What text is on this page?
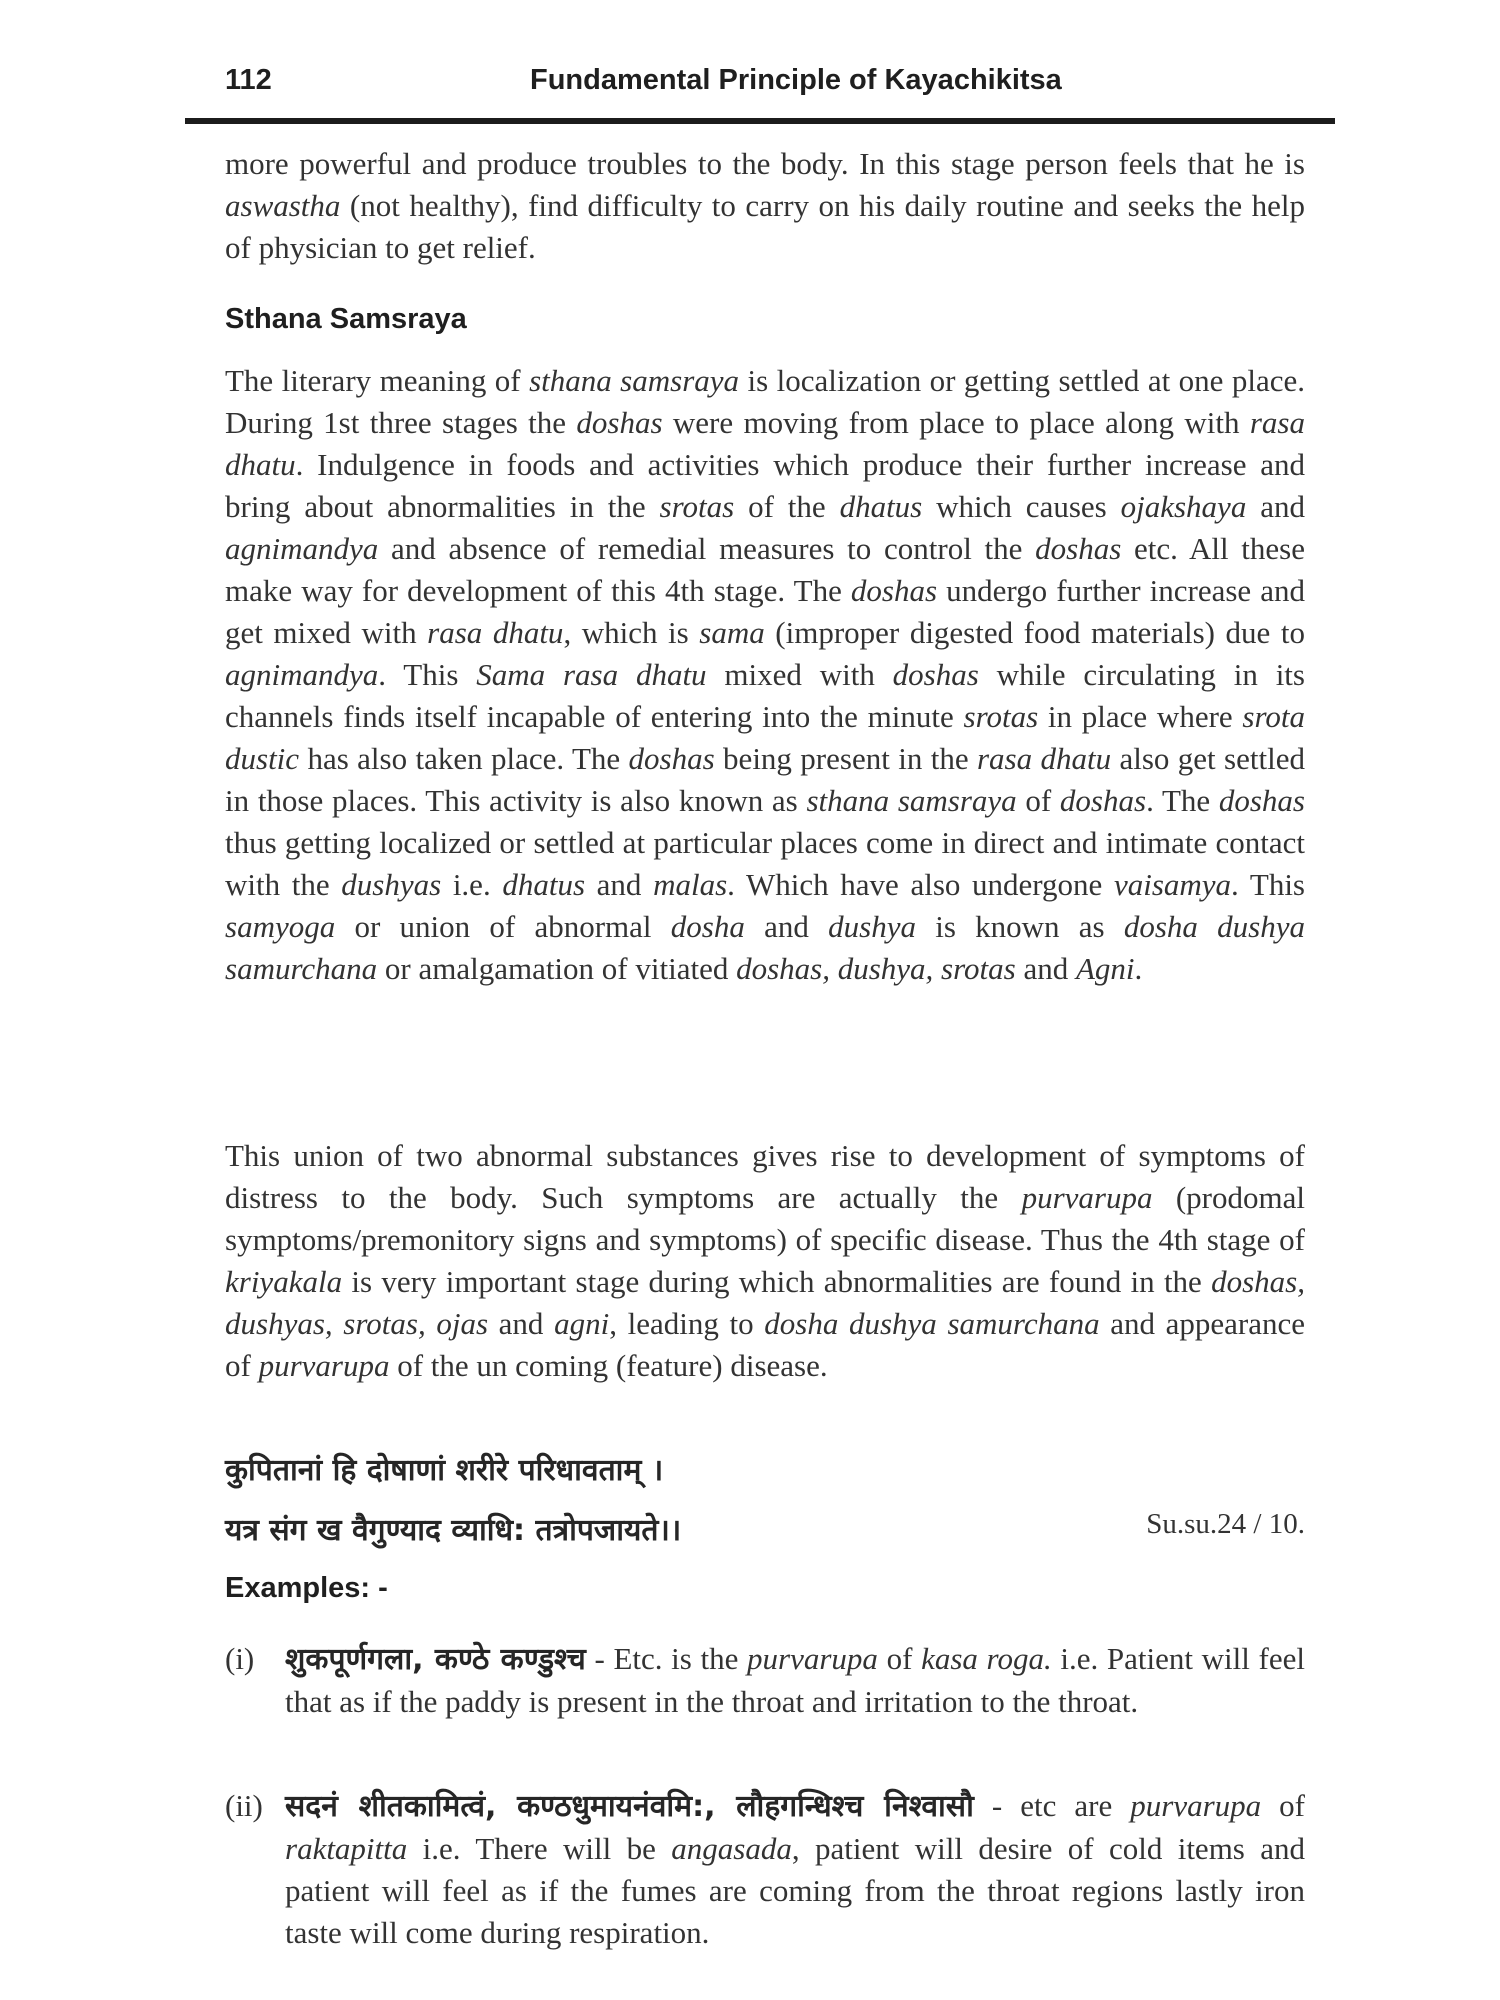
112	Fundamental Principle of Kayachikitsa

more powerful and produce troubles to the body. In this stage person feels that he is aswastha (not healthy), find difficulty to carry on his daily routine and seeks the help of physician to get relief.

Sthana Samsraya

The literary meaning of sthana samsraya is localization or getting settled at one place. During 1st three stages the doshas were moving from place to place along with rasa dhatu. Indulgence in foods and activities which produce their further increase and bring about abnormalities in the srotas of the dhatus which causes ojakshaya and agnimandya and absence of remedial measures to control the doshas etc. All these make way for development of this 4th stage. The doshas undergo further increase and get mixed with rasa dhatu, which is sama (improper digested food materials) due to agnimandya. This Sama rasa dhatu mixed with doshas while circulating in its channels finds itself incapable of entering into the minute srotas in place where srota dustic has also taken place. The doshas being present in the rasa dhatu also get settled in those places. This activity is also known as sthana samsraya of doshas. The doshas thus getting localized or settled at particular places come in direct and intimate contact with the dushyas i.e. dhatus and malas. Which have also undergone vaisamya. This samyoga or union of abnormal dosha and dushya is known as dosha dushya samurchana or amalgamation of vitiated doshas, dushya, srotas and Agni.

This union of two abnormal substances gives rise to development of symptoms of distress to the body. Such symptoms are actually the purvarupa (prodomal symptoms/premonitory signs and symptoms) of specific disease. Thus the 4th stage of kriyakala is very important stage during which abnormalities are found in the doshas, dushyas, srotas, ojas and agni, leading to dosha dushya samurchana and appearance of purvarupa of the un coming (feature) disease.

कुपितानां हि दोषाणां शरीरे परिधावताम् ।
यत्र संग ख वैगुण्याद व्याधि: तत्रोपजायते।।	Su.su.24 / 10.
Examples: -
(i) शुकपूर्णगला, कण्ठे कण्डुश्च - Etc. is the purvarupa of kasa roga. i.e. Patient will feel that as if the paddy is present in the throat and irritation to the throat.
(ii) सदनं शीतकामित्वं, कण्ठधुमायनंवमि:, लौहगन्धिश्च निश्वासौ - etc are purvarupa of raktapitta i.e. There will be angasada, patient will desire of cold items and patient will feel as if the fumes are coming from the throat regions lastly iron taste will come during respiration.
